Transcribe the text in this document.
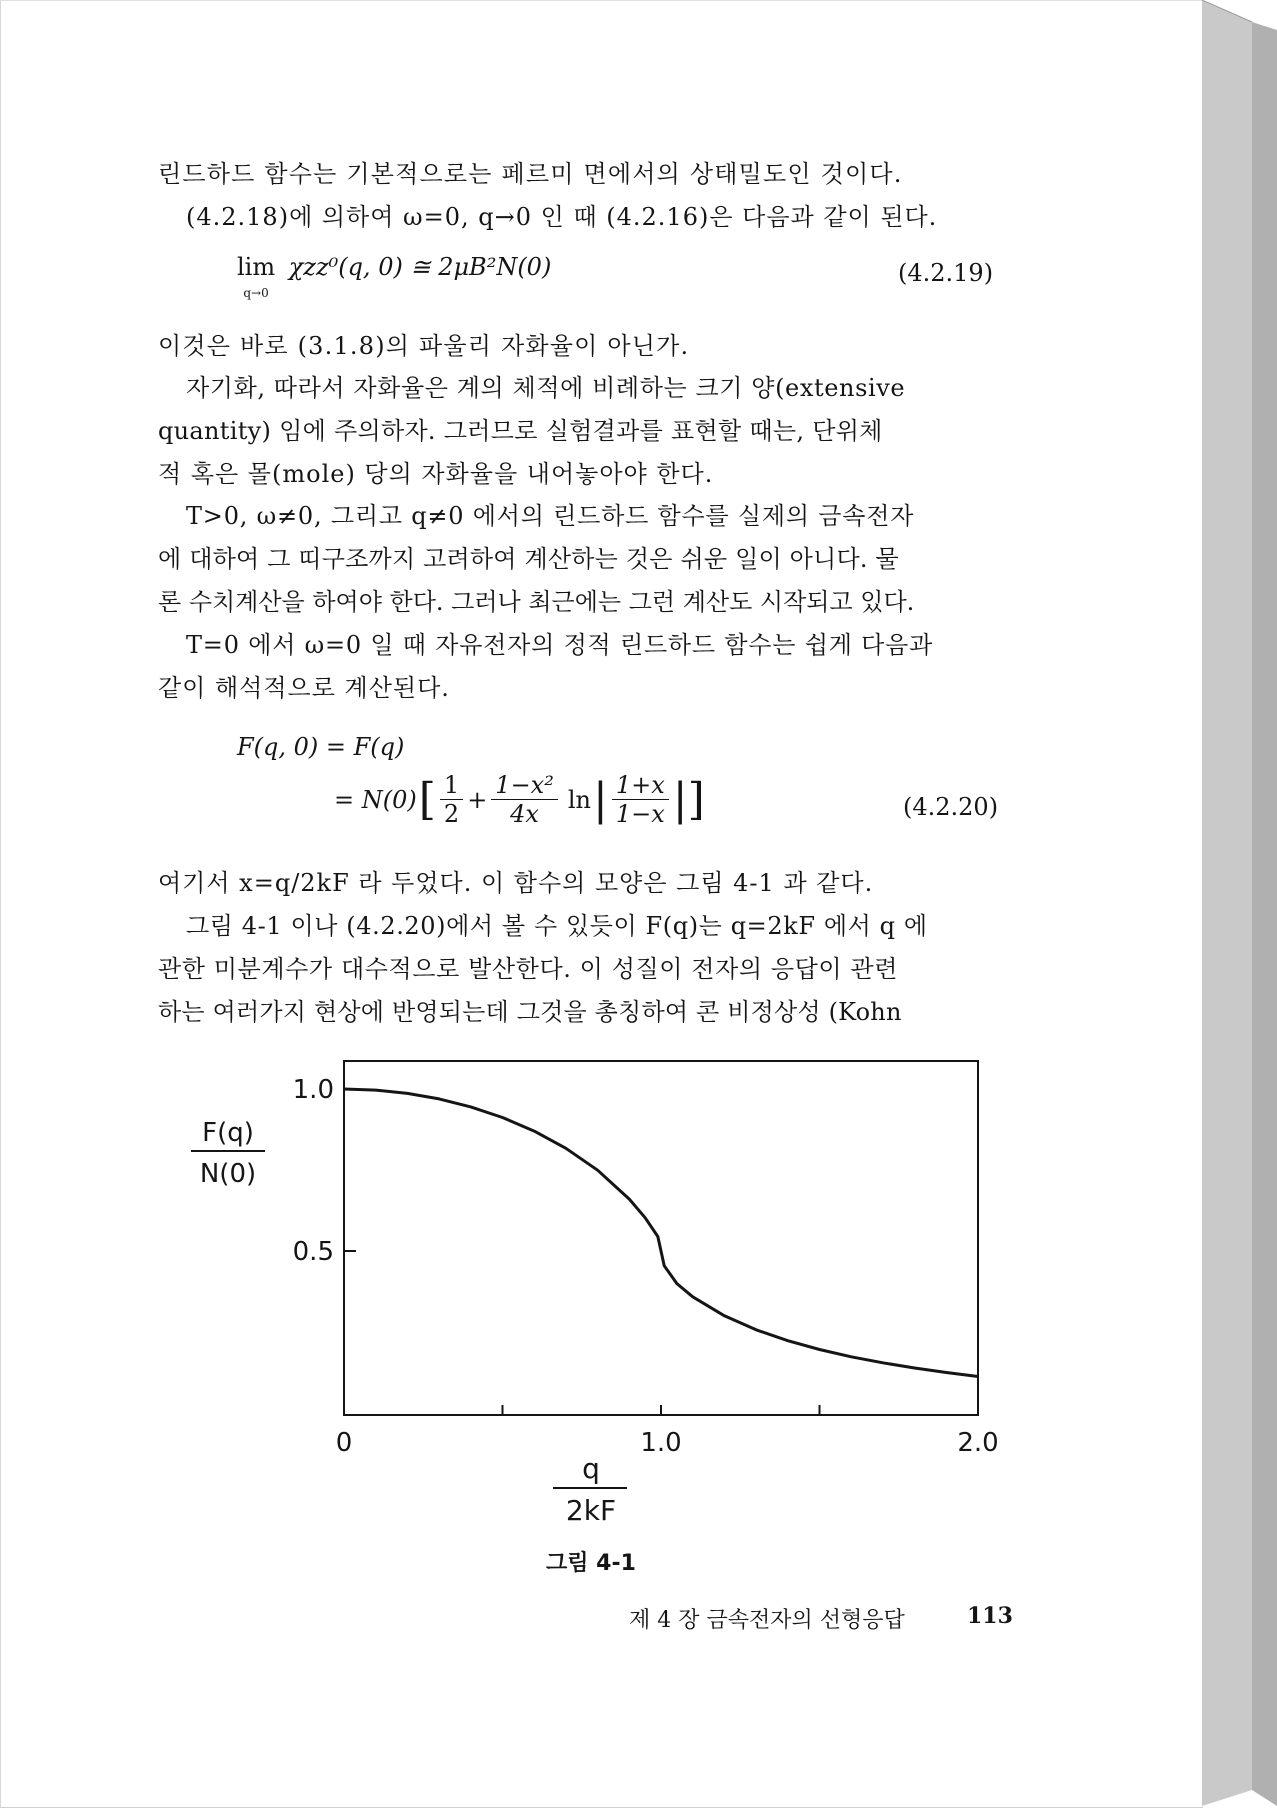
린드하드 함수는 기본적으로는 페르미 면에서의 상태밀도인 것이다.
(4.2.18)에 의하여 ω=0, q→0 인 때 (4.2.16)은 다음과 같이 된다.
lim
$^{q\to 0}$ χzz⁰(q, 0) ≅ 2μB²N(0)	(4.2.19)
이것은 바로 (3.1.8)의 파울리 자화율이 아닌가.
자기화, 따라서 자화율은 계의 체적에 비례하는 크기 양(extensive
quantity) 임에 주의하자. 그러므로 실험결과를 표현할 때는, 단위체
적 혹은 몰(mole) 당의 자화율을 내어놓아야 한다.
T>0, ω≠0, 그리고 q≠0 에서의 린드하드 함수를 실제의 금속전자
에 대하여 그 띠구조까지 고려하여 계산하는 것은 쉬운 일이 아니다. 물
론 수치계산을 하여야 한다. 그러나 최근에는 그런 계산도 시작되고 있다.
T=0 에서 ω=0 일 때 자유전자의 정적 린드하드 함수는 쉽게 다음과
같이 해석적으로 계산된다.
F(q, 0) = F(q)
= N(0) [ $\frac{1}{2} + \frac{\text{1−x²}}{4x}$ ln | $\frac{1+x}{1-x}$ | ]	(4.2.20)
여기서 x=q/2kF 라 두었다. 이 함수의 모양은 그림 4-1 과 같다.
그림 4-1 이나 (4.2.20)에서 볼 수 있듯이 F(q)는 q=2kF 에서 q 에
관한 미분계수가 대수적으로 발산한다. 이 성질이 전자의 응답이 관련
하는 여러가지 현상에 반영되는데 그것을 총칭하여 콘 비정상성 (Kohn
1.0
0.5
0	1.0	2.0
F(q)
N(0)
q
2kF
그림 4-1
제 4 장 금속전자의 선형응답	113
